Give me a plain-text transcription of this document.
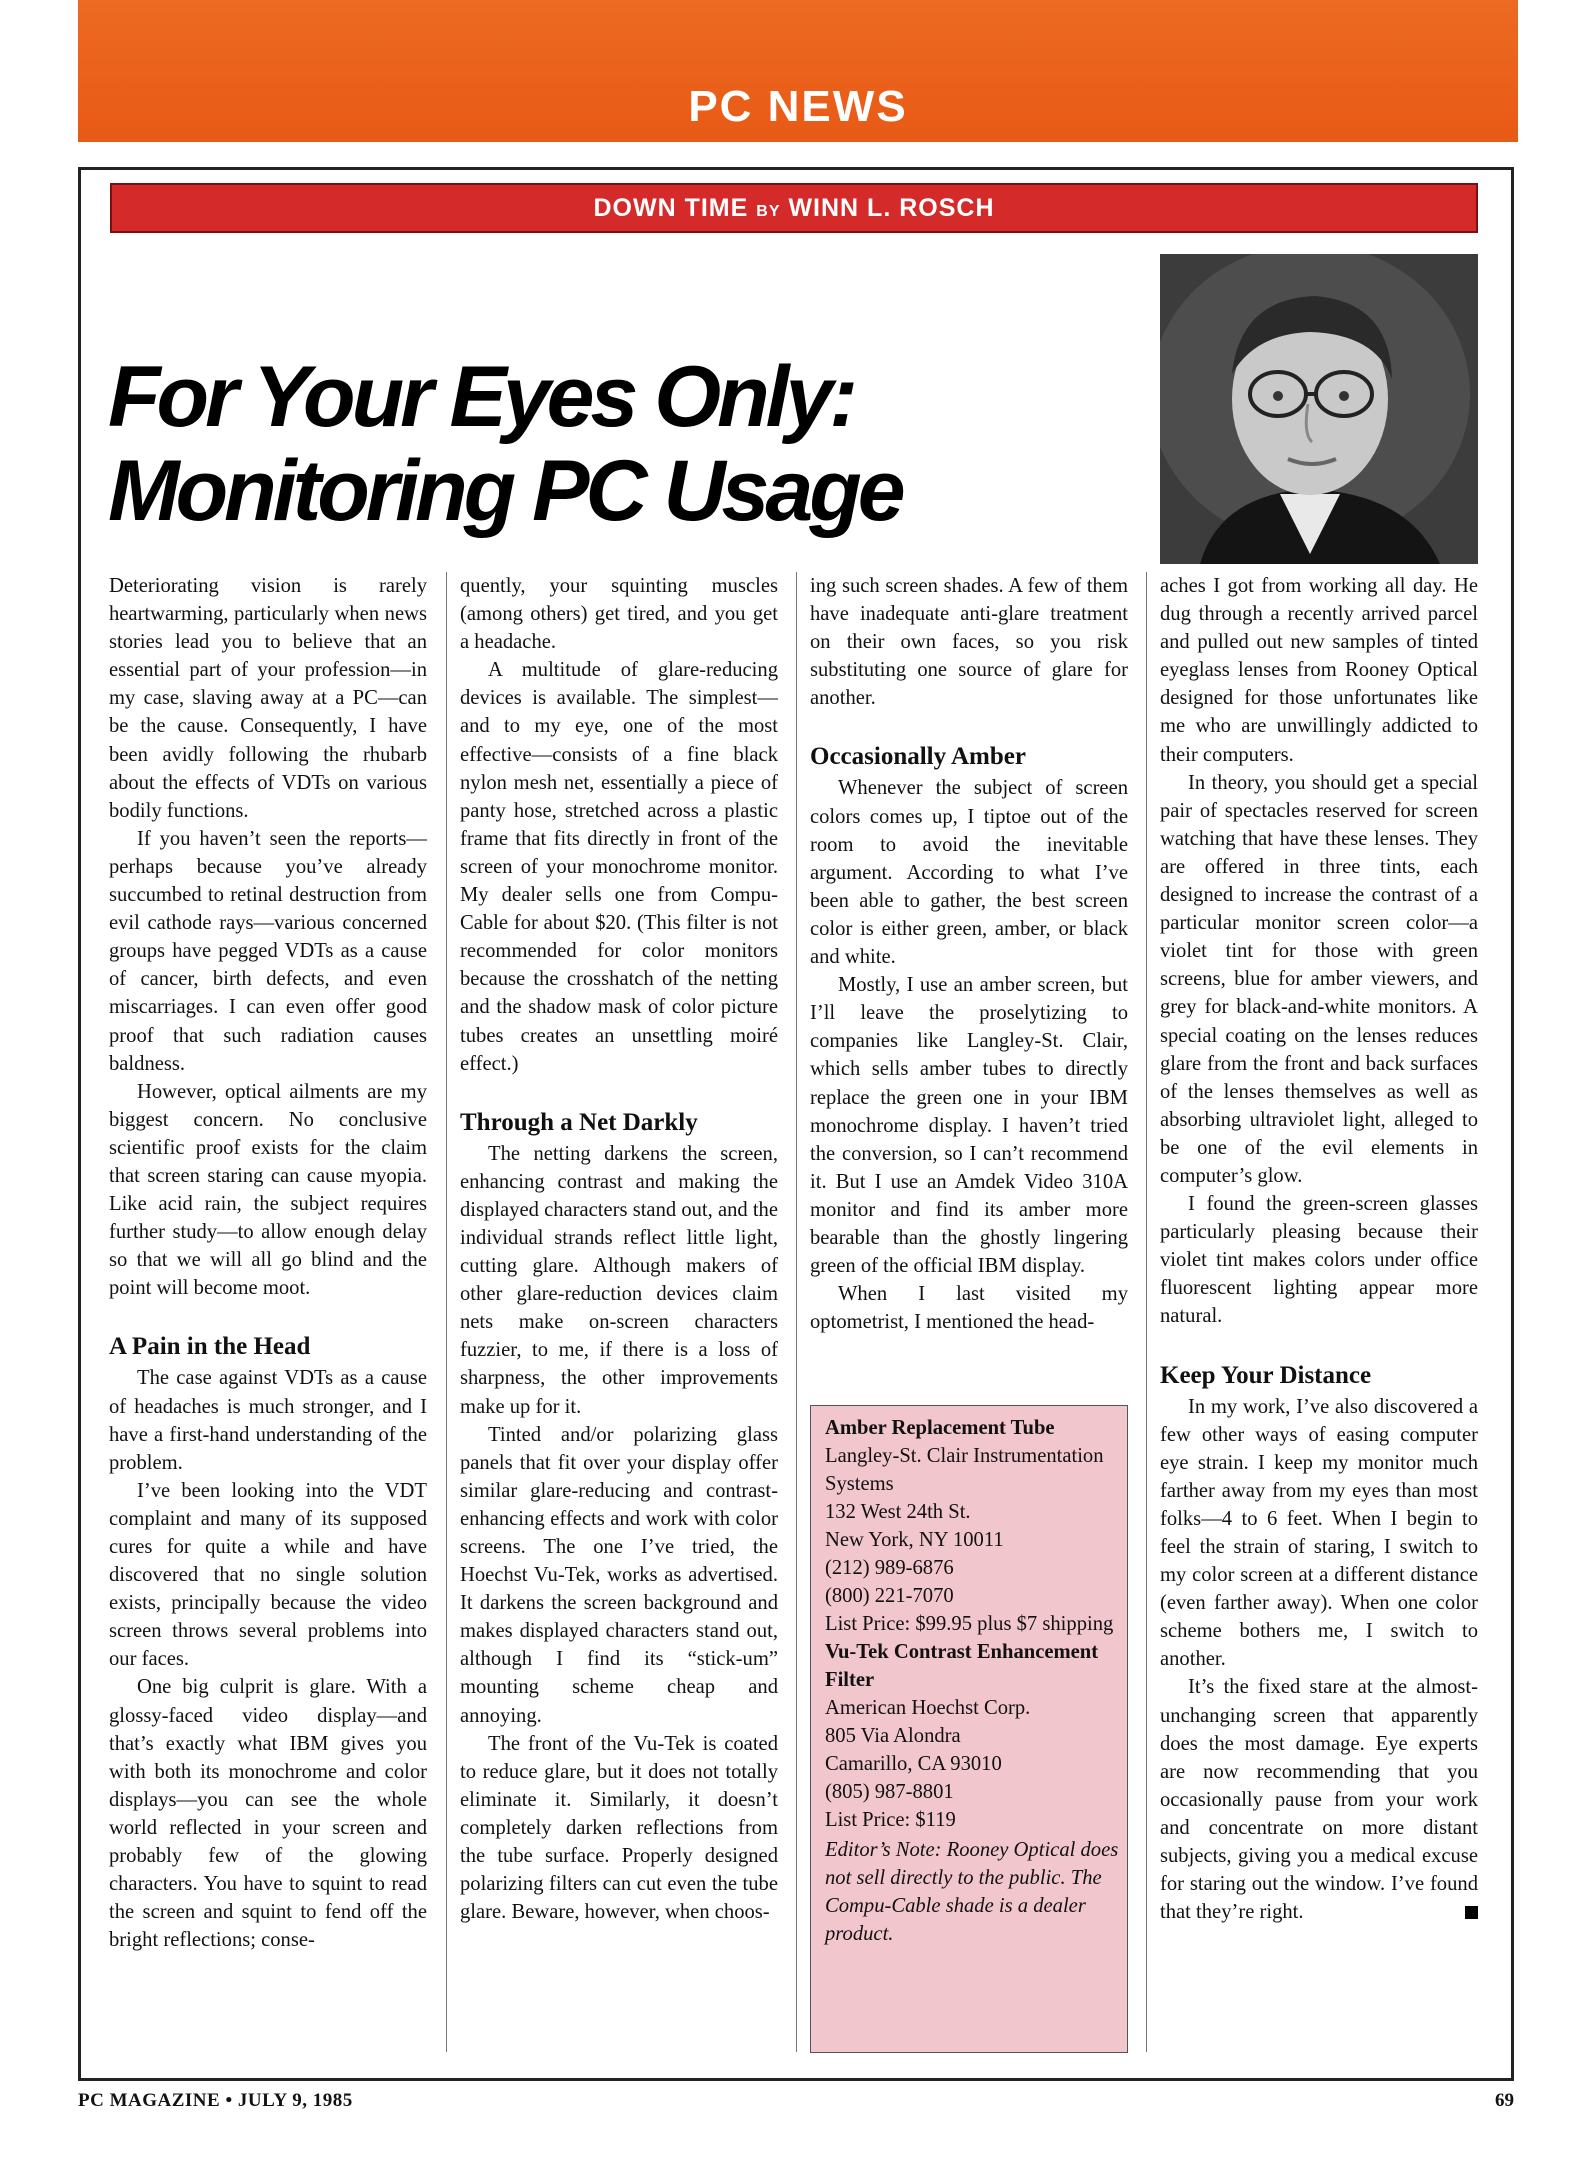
PC NEWS
DOWN TIME BY WINN L. ROSCH
For Your Eyes Only:
Monitoring PC Usage

Deteriorating vision is rarely heartwarming, particularly when news stories lead you to believe that an essential part of your profession—in my case, slaving away at a PC—can be the cause. Consequently, I have been avidly following the rhubarb about the effects of VDTs on various bodily functions.

If you haven’t seen the reports—perhaps because you’ve already succumbed to retinal destruction from evil cathode rays—various concerned groups have pegged VDTs as a cause of cancer, birth defects, and even miscarriages. I can even offer good proof that such radiation causes baldness.

However, optical ailments are my biggest concern. No conclusive scientific proof exists for the claim that screen staring can cause myopia. Like acid rain, the subject requires further study—to allow enough delay so that we will all go blind and the point will become moot.

A Pain in the Head

The case against VDTs as a cause of headaches is much stronger, and I have a first-hand understanding of the problem.

I’ve been looking into the VDT complaint and many of its supposed cures for quite a while and have discovered that no single solution exists, principally because the video screen throws several problems into our faces.

One big culprit is glare. With a glossy-faced video display—and that’s exactly what IBM gives you with both its monochrome and color displays—you can see the whole world reflected in your screen and probably few of the glowing characters. You have to squint to read the screen and squint to fend off the bright reflections; conse-

quently, your squinting muscles (among others) get tired, and you get a headache.

A multitude of glare-reducing devices is available. The simplest—and to my eye, one of the most effective—consists of a fine black nylon mesh net, essentially a piece of panty hose, stretched across a plastic frame that fits directly in front of the screen of your monochrome monitor. My dealer sells one from Compu-Cable for about $20. (This filter is not recommended for color monitors because the crosshatch of the netting and the shadow mask of color picture tubes creates an unsettling moiré effect.)

Through a Net Darkly

The netting darkens the screen, enhancing contrast and making the displayed characters stand out, and the individual strands reflect little light, cutting glare. Although makers of other glare-reduction devices claim nets make on-screen characters fuzzier, to me, if there is a loss of sharpness, the other improvements make up for it.

Tinted and/or polarizing glass panels that fit over your display offer similar glare-reducing and contrast-enhancing effects and work with color screens. The one I’ve tried, the Hoechst Vu-Tek, works as advertised. It darkens the screen background and makes displayed characters stand out, although I find its “stick-um” mounting scheme cheap and annoying.

The front of the Vu-Tek is coated to reduce glare, but it does not totally eliminate it. Similarly, it doesn’t completely darken reflections from the tube surface. Properly designed polarizing filters can cut even the tube glare. Beware, however, when choos-

ing such screen shades. A few of them have inadequate anti-glare treatment on their own faces, so you risk substituting one source of glare for another.

Occasionally Amber

Whenever the subject of screen colors comes up, I tiptoe out of the room to avoid the inevitable argument. According to what I’ve been able to gather, the best screen color is either green, amber, or black and white.

Mostly, I use an amber screen, but I’ll leave the proselytizing to companies like Langley-St. Clair, which sells amber tubes to directly replace the green one in your IBM monochrome display. I haven’t tried the conversion, so I can’t recommend it. But I use an Amdek Video 310A monitor and find its amber more bearable than the ghostly lingering green of the official IBM display.

When I last visited my optometrist, I mentioned the head-

Amber Replacement Tube
Langley-St. Clair Instrumentation Systems
132 West 24th St.
New York, NY 10011
(212) 989-6876
(800) 221-7070
List Price: $99.95 plus $7 shipping
Vu-Tek Contrast Enhancement Filter
American Hoechst Corp.
805 Via Alondra
Camarillo, CA 93010
(805) 987-8801
List Price: $119
Editor’s Note: Rooney Optical does not sell directly to the public. The Compu-Cable shade is a dealer product.

aches I got from working all day. He dug through a recently arrived parcel and pulled out new samples of tinted eyeglass lenses from Rooney Optical designed for those unfortunates like me who are unwillingly addicted to their computers.

In theory, you should get a special pair of spectacles reserved for screen watching that have these lenses. They are offered in three tints, each designed to increase the contrast of a particular monitor screen color—a violet tint for those with green screens, blue for amber viewers, and grey for black-and-white monitors. A special coating on the lenses reduces glare from the front and back surfaces of the lenses themselves as well as absorbing ultraviolet light, alleged to be one of the evil elements in computer’s glow.

I found the green-screen glasses particularly pleasing because their violet tint makes colors under office fluorescent lighting appear more natural.

Keep Your Distance

In my work, I’ve also discovered a few other ways of easing computer eye strain. I keep my monitor much farther away from my eyes than most folks—4 to 6 feet. When I begin to feel the strain of staring, I switch to my color screen at a different distance (even farther away). When one color scheme bothers me, I switch to another.

It’s the fixed stare at the almost-unchanging screen that apparently does the most damage. Eye experts are now recommending that you occasionally pause from your work and concentrate on more distant subjects, giving you a medical excuse for staring out the window. I’ve found that they’re right.

PC MAGAZINE • JULY 9, 1985	69
